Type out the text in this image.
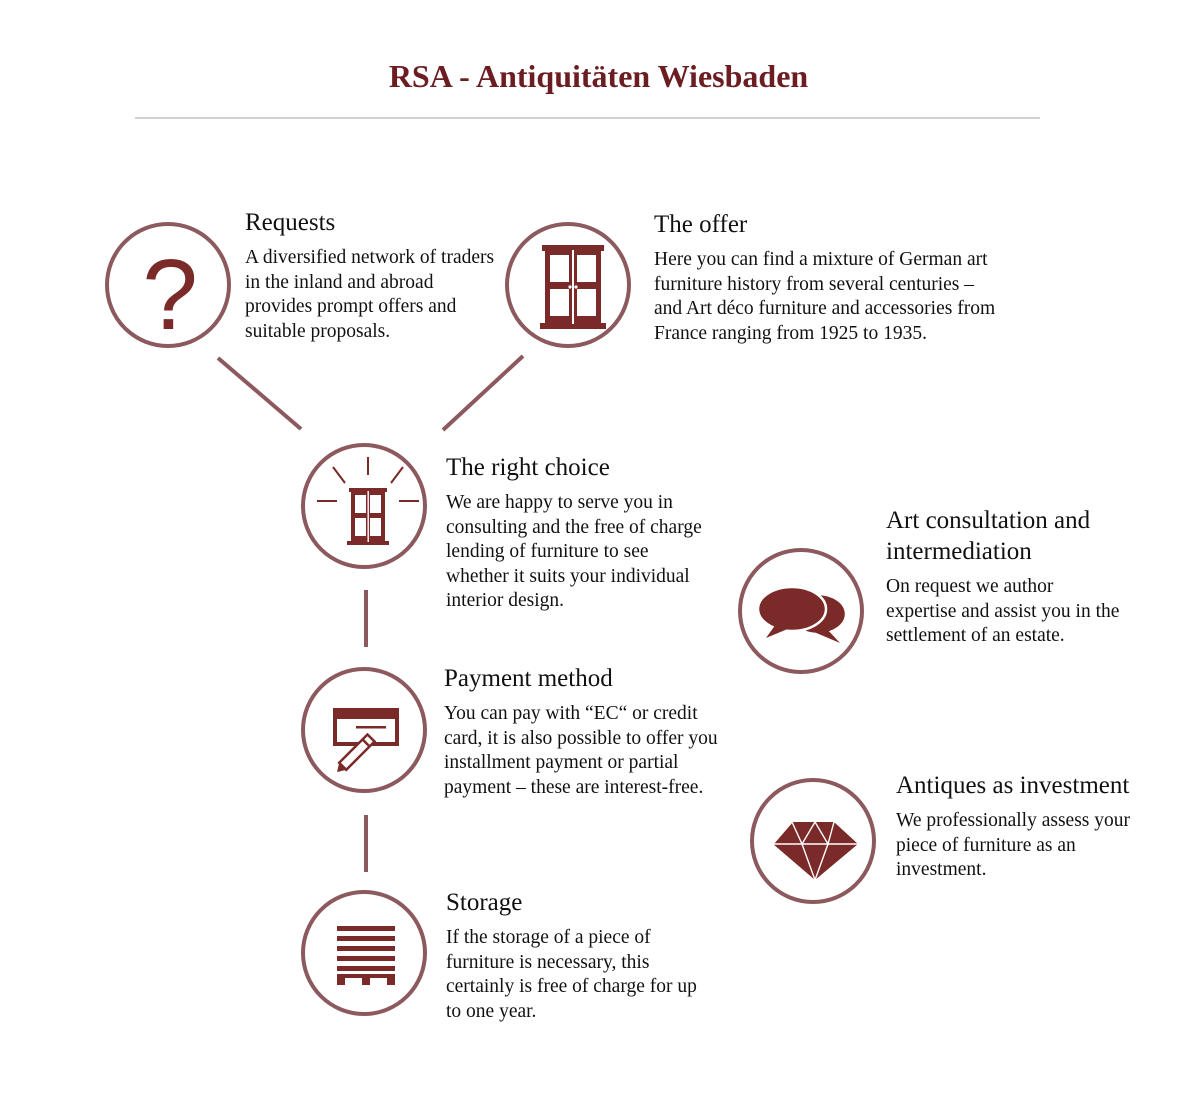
RSA - Antiquitäten Wiesbaden
?
Requests

A diversified network of traders in the inland and abroad provides prompt offers and suitable proposals.

The offer

Here you can find a mixture of German art furniture history from several centuries – and Art déco furniture and accessories from France ranging from 1925 to 1935.

The right choice

We are happy to serve you in consulting and the free of charge lending of furniture to see whether it suits your individual interior design.

Payment method

You can pay with “EC“ or credit card, it is also possible to offer you installment payment or partial payment – these are interest-free.

Storage

If the storage of a piece of furniture is necessary, this certainly is free of charge for up to one year.

Art consultation and intermediation

On request we author expertise and assist you in the settlement of an estate.

Antiques as investment

We professionally assess your piece of furniture as an investment.
